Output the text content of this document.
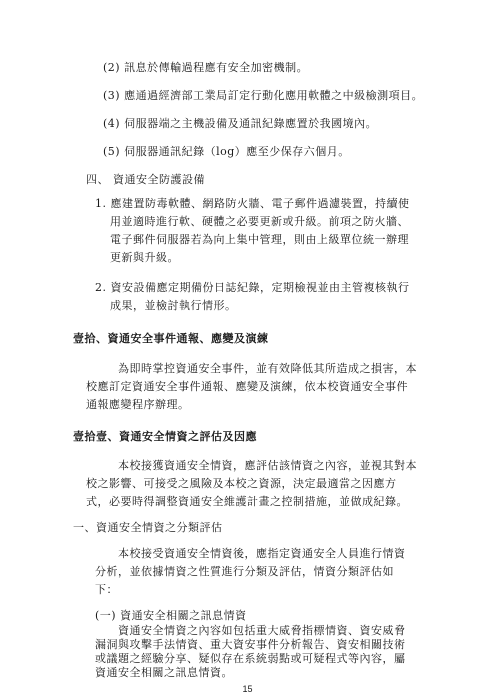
(2) 訊息於傳輸過程應有安全加密機制。
(3) 應通過經濟部工業局訂定行動化應用軟體之中級檢測項目。
(4) 伺服器端之主機設備及通訊紀錄應置於我國境內。
(5) 伺服器通訊紀錄（log）應至少保存六個月。
四、 資通安全防護設備
1. 應建置防毒軟體、網路防火牆、電子郵件過濾裝置，持續使
用並適時進行軟、硬體之必要更新或升級。前項之防火牆、
電子郵件伺服器若為向上集中管理，則由上級單位統一辦理
更新與升級。
2. 資安設備應定期備份日誌紀錄，定期檢視並由主管複核執行
成果，並檢討執行情形。
壹拾、資通安全事件通報、應變及演練
為即時掌控資通安全事件，並有效降低其所造成之損害，本
校應訂定資通安全事件通報、應變及演練，依本校資通安全事件
通報應變程序辦理。
壹拾壹、資通安全情資之評估及因應
本校接獲資通安全情資，應評估該情資之內容，並視其對本
校之影響、可接受之風險及本校之資源，決定最適當之因應方
式，必要時得調整資通安全維護計畫之控制措施，並做成紀錄。
一、資通安全情資之分類評估
本校接受資通安全情資後，應指定資通安全人員進行情資
分析，並依據情資之性質進行分類及評估，情資分類評估如
下：
(一) 資通安全相關之訊息情資
資通安全情資之內容如包括重大威脅指標情資、資安威脅
漏洞與攻擊手法情資、重大資安事件分析報告、資安相關技術
或議題之經驗分享、疑似存在系統弱點或可疑程式等內容，屬
資通安全相關之訊息情資。
15
